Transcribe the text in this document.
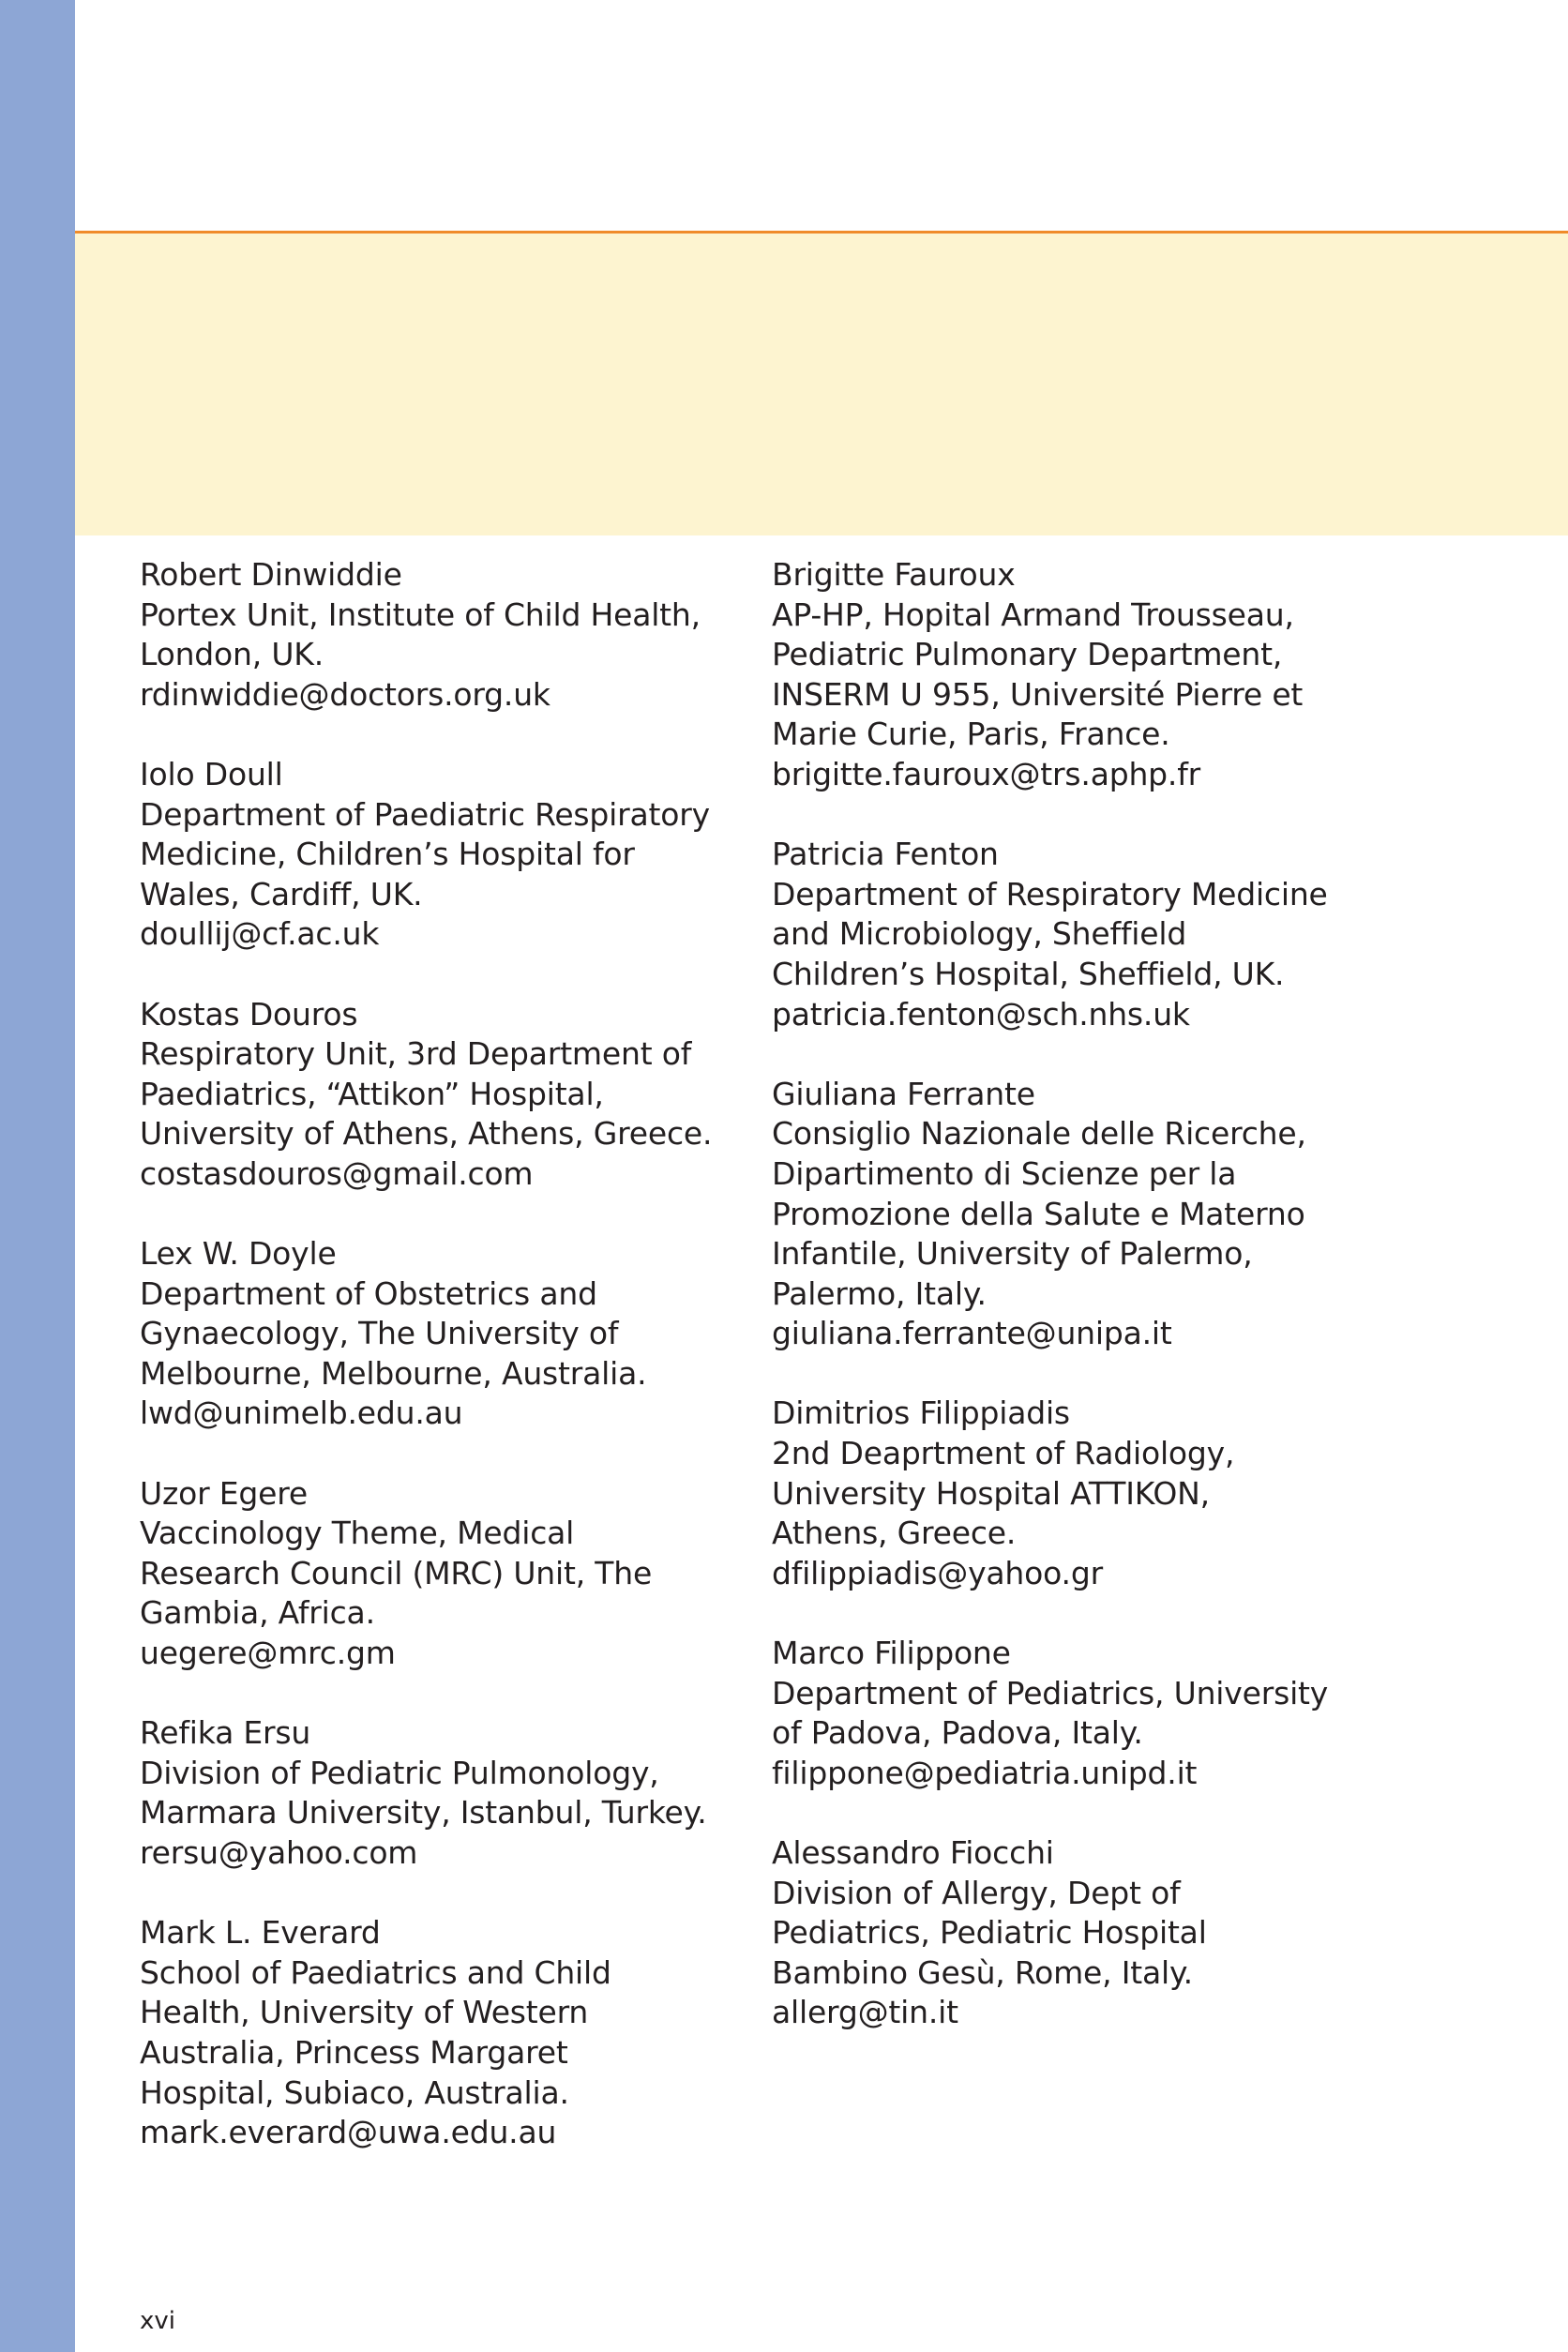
Robert Dinwiddie
Portex Unit, Institute of Child Health,
London, UK.
rdinwiddie@doctors.org.uk
Iolo Doull
Department of Paediatric Respiratory
Medicine, Children’s Hospital for
Wales, Cardiff, UK.
doullij@cf.ac.uk
Kostas Douros
Respiratory Unit, 3rd Department of
Paediatrics, “Attikon” Hospital,
University of Athens, Athens, Greece.
costasdouros@gmail.com
Lex W. Doyle
Department of Obstetrics and
Gynaecology, The University of
Melbourne, Melbourne, Australia.
lwd@unimelb.edu.au
Uzor Egere
Vaccinology Theme, Medical
Research Council (MRC) Unit, The
Gambia, Africa.
uegere@mrc.gm
Refika Ersu
Division of Pediatric Pulmonology,
Marmara University, Istanbul, Turkey.
rersu@yahoo.com
Mark L. Everard
School of Paediatrics and Child
Health, University of Western
Australia, Princess Margaret
Hospital, Subiaco, Australia.
mark.everard@uwa.edu.au
Brigitte Fauroux
AP-HP, Hopital Armand Trousseau,
Pediatric Pulmonary Department,
INSERM U 955, Université Pierre et
Marie Curie, Paris, France.
brigitte.fauroux@trs.aphp.fr
Patricia Fenton
Department of Respiratory Medicine
and Microbiology, Sheffield
Children’s Hospital, Sheffield, UK.
patricia.fenton@sch.nhs.uk
Giuliana Ferrante
Consiglio Nazionale delle Ricerche,
Dipartimento di Scienze per la
Promozione della Salute e Materno
Infantile, University of Palermo,
Palermo, Italy.
giuliana.ferrante@unipa.it
Dimitrios Filippiadis
2nd Deaprtment of Radiology,
University Hospital ATTIKON,
Athens, Greece.
dfilippiadis@yahoo.gr
Marco Filippone
Department of Pediatrics, University
of Padova, Padova, Italy.
filippone@pediatria.unipd.it
Alessandro Fiocchi
Division of Allergy, Dept of
Pediatrics, Pediatric Hospital
Bambino Gesù, Rome, Italy.
allerg@tin.it
xvi
